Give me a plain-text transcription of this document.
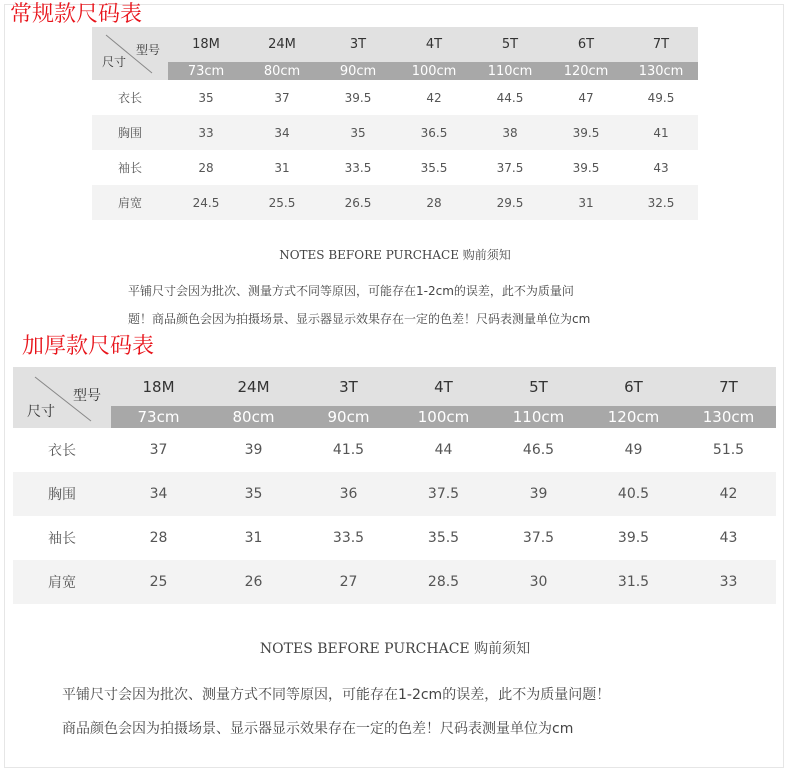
常规款尺码表
型号
尺寸	18M	24M	3T	4T	5T	6T	7T
	73cm	80cm	90cm	100cm	110cm	120cm	130cm
衣长	35	37	39.5	42	44.5	47	49.5
胸围	33	34	35	36.5	38	39.5	41
袖长	28	31	33.5	35.5	37.5	39.5	43
肩宽	24.5	25.5	26.5	28	29.5	31	32.5

NOTES BEFORE PURCHACE 购前须知

平铺尺寸会因为批次、测量方式不同等原因，可能存在1-2cm的误差，此不为质量问

题！商品颜色会因为拍摄场景、显示器显示效果存在一定的色差！尺码表测量单位为cm

加厚款尺码表
型号
尺寸	18M	24M	3T	4T	5T	6T	7T
	73cm	80cm	90cm	100cm	110cm	120cm	130cm
衣长	37	39	41.5	44	46.5	49	51.5
胸围	34	35	36	37.5	39	40.5	42
袖长	28	31	33.5	35.5	37.5	39.5	43
肩宽	25	26	27	28.5	30	31.5	33

NOTES BEFORE PURCHACE 购前须知

平铺尺寸会因为批次、测量方式不同等原因，可能存在1-2cm的误差，此不为质量问题！

商品颜色会因为拍摄场景、显示器显示效果存在一定的色差！尺码表测量单位为cm
